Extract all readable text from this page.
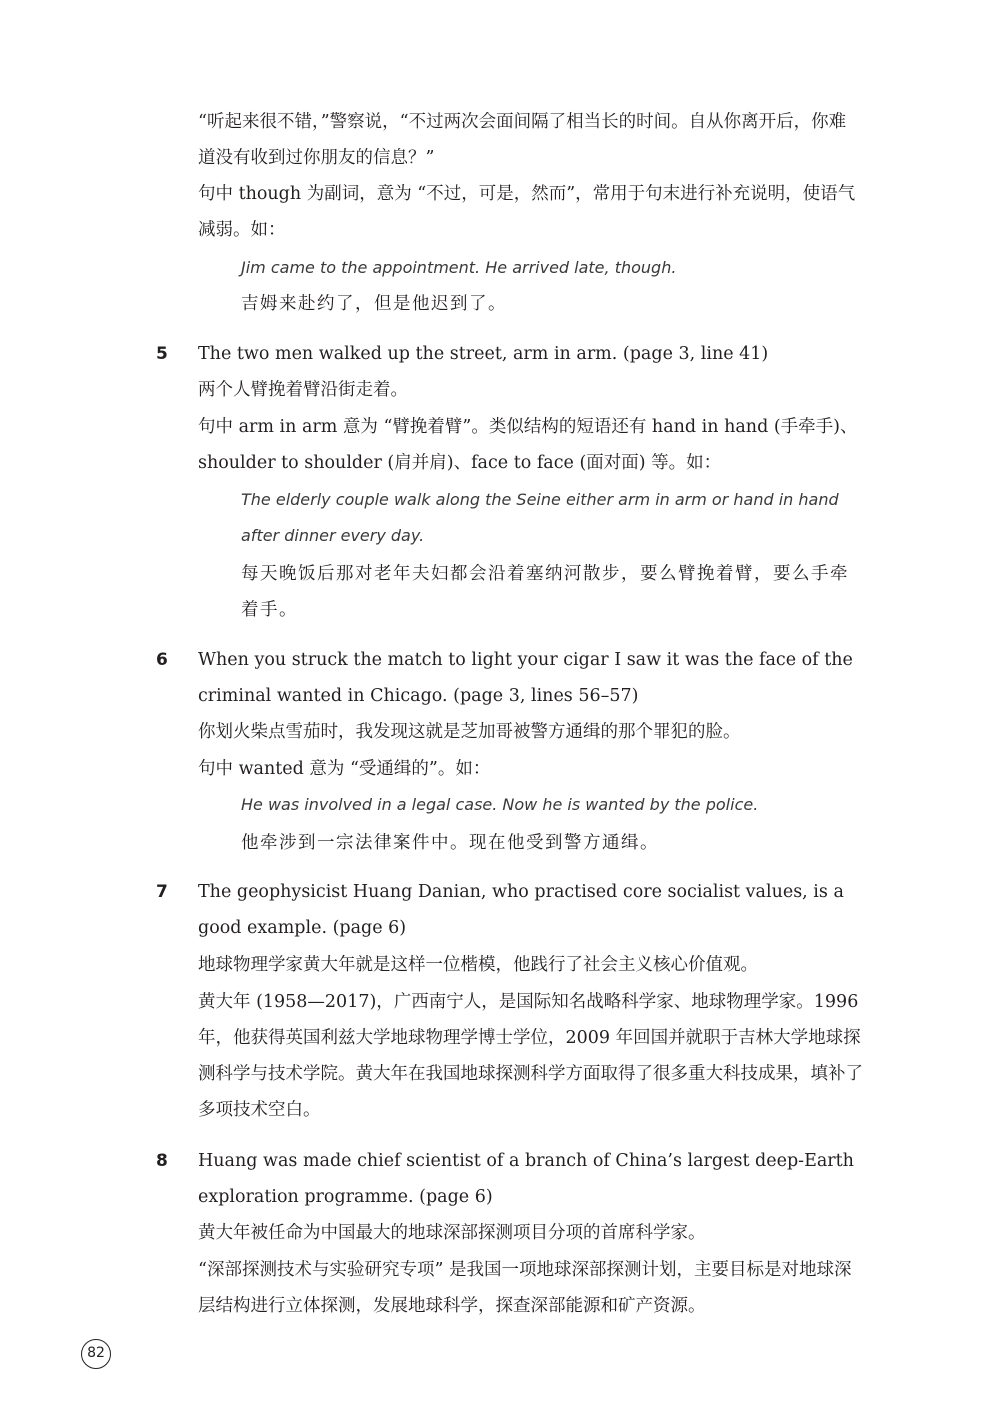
“听起来很不错，”警察说，“不过两次会面间隔了相当长的时间。自从你离开后，你难道没有收到过你朋友的信息？”

句中 though 为副词，意为 “不过，可是，然而”，常用于句末进行补充说明，使语气减弱。如：

Jim came to the appointment. He arrived late, though.

吉姆来赴约了，但是他迟到了。

5 The two men walked up the street, arm in arm. (page 3, line 41)

两个人臂挽着臂沿街走着。

句中 arm in arm 意为 “臂挽着臂”。类似结构的短语还有 hand in hand (手牵手)、shoulder to shoulder (肩并肩)、face to face (面对面) 等。如：

The elderly couple walk along the Seine either arm in arm or hand in hand after dinner every day.

每天晚饭后那对老年夫妇都会沿着塞纳河散步，要么臂挽着臂，要么手牵着手。

6 When you struck the match to light your cigar I saw it was the face of the criminal wanted in Chicago. (page 3, lines 56–57)

你划火柴点雪茄时，我发现这就是芝加哥被警方通缉的那个罪犯的脸。

句中 wanted 意为 “受通缉的”。如：

He was involved in a legal case. Now he is wanted by the police.

他牵涉到一宗法律案件中。现在他受到警方通缉。

7 The geophysicist Huang Danian, who practised core socialist values, is a good example. (page 6)

地球物理学家黄大年就是这样一位楷模，他践行了社会主义核心价值观。

黄大年 (1958—2017)，广西南宁人，是国际知名战略科学家、地球物理学家。1996 年，他获得英国利兹大学地球物理学博士学位，2009 年回国并就职于吉林大学地球探测科学与技术学院。黄大年在我国地球探测科学方面取得了很多重大科技成果，填补了多项技术空白。

8 Huang was made chief scientist of a branch of China’s largest deep-Earth exploration programme. (page 6)

黄大年被任命为中国最大的地球深部探测项目分项的首席科学家。

“深部探测技术与实验研究专项” 是我国一项地球深部探测计划，主要目标是对地球深层结构进行立体探测，发展地球科学，探查深部能源和矿产资源。

82
